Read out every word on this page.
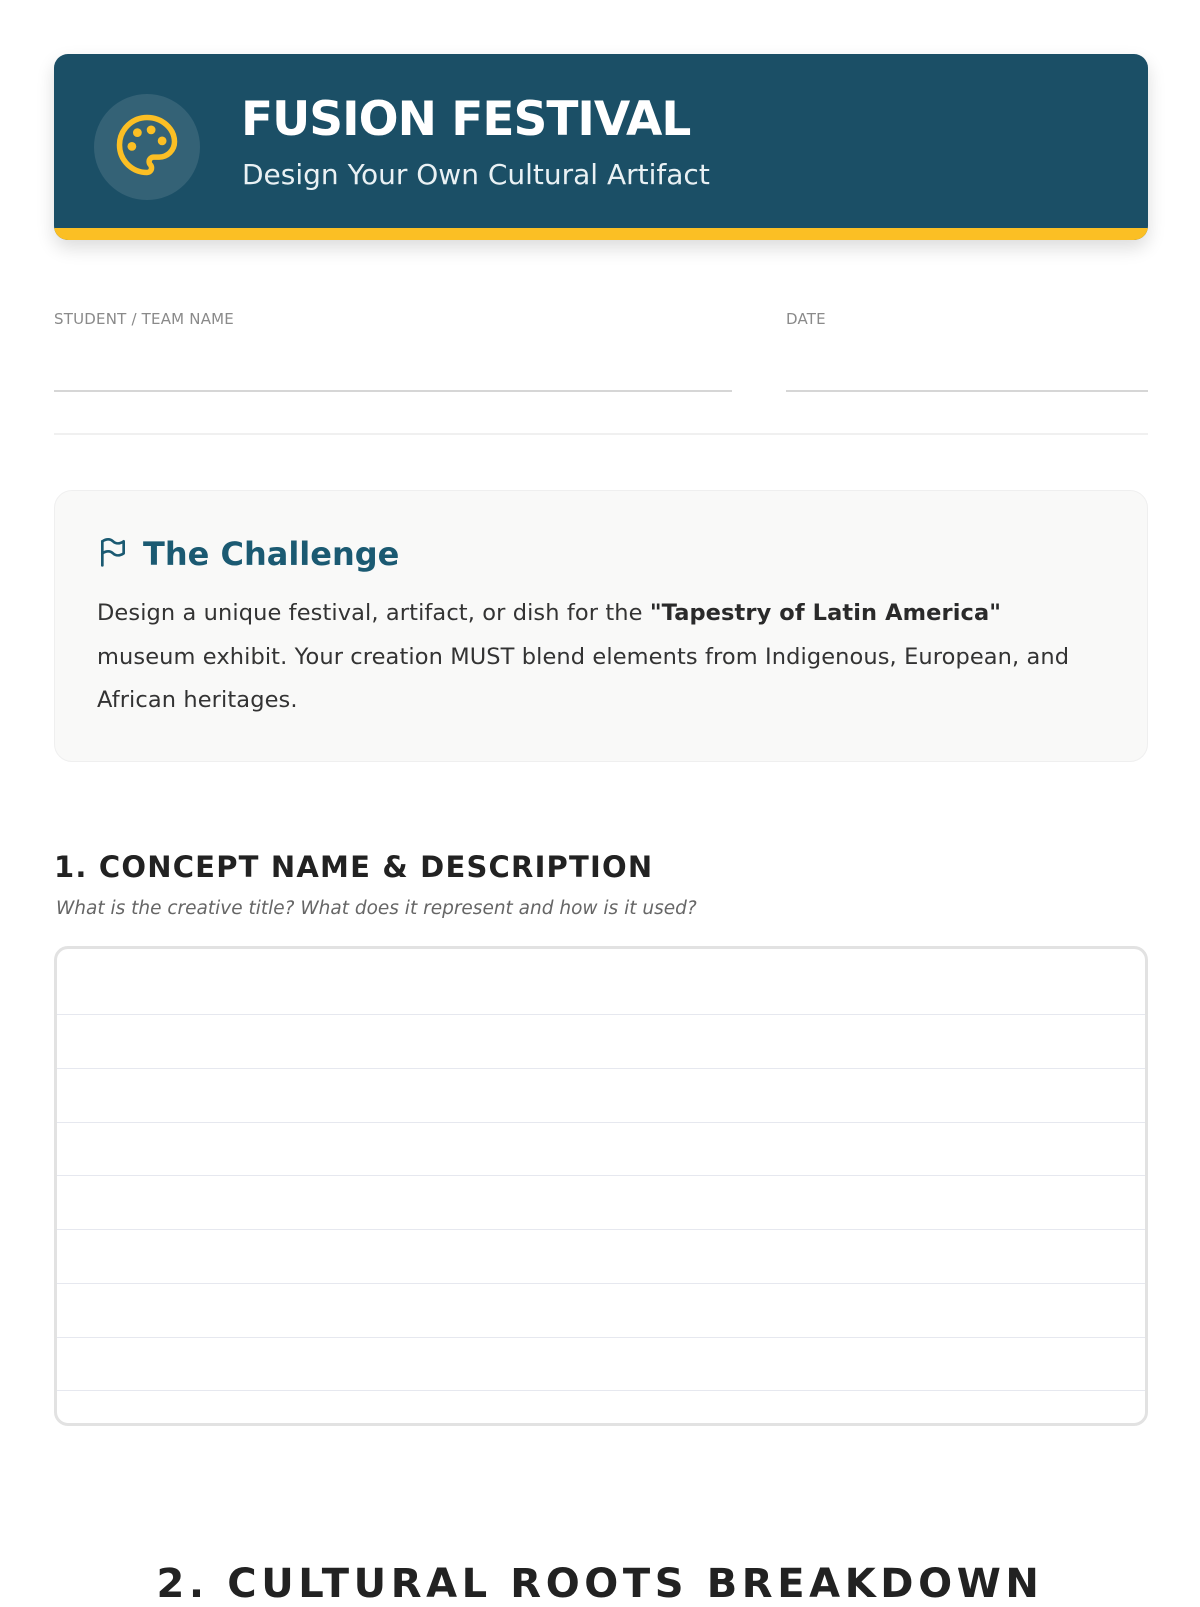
FUSION FESTIVAL
Design Your Own Cultural Artifact
STUDENT / TEAM NAME	DATE
The Challenge
Design a unique festival, artifact, or dish for the "Tapestry of Latin America" museum exhibit. Your creation MUST blend elements from Indigenous, European, and African heritages.
1. CONCEPT NAME & DESCRIPTION
What is the creative title? What does it represent and how is it used?
2. CULTURAL ROOTS BREAKDOWN
